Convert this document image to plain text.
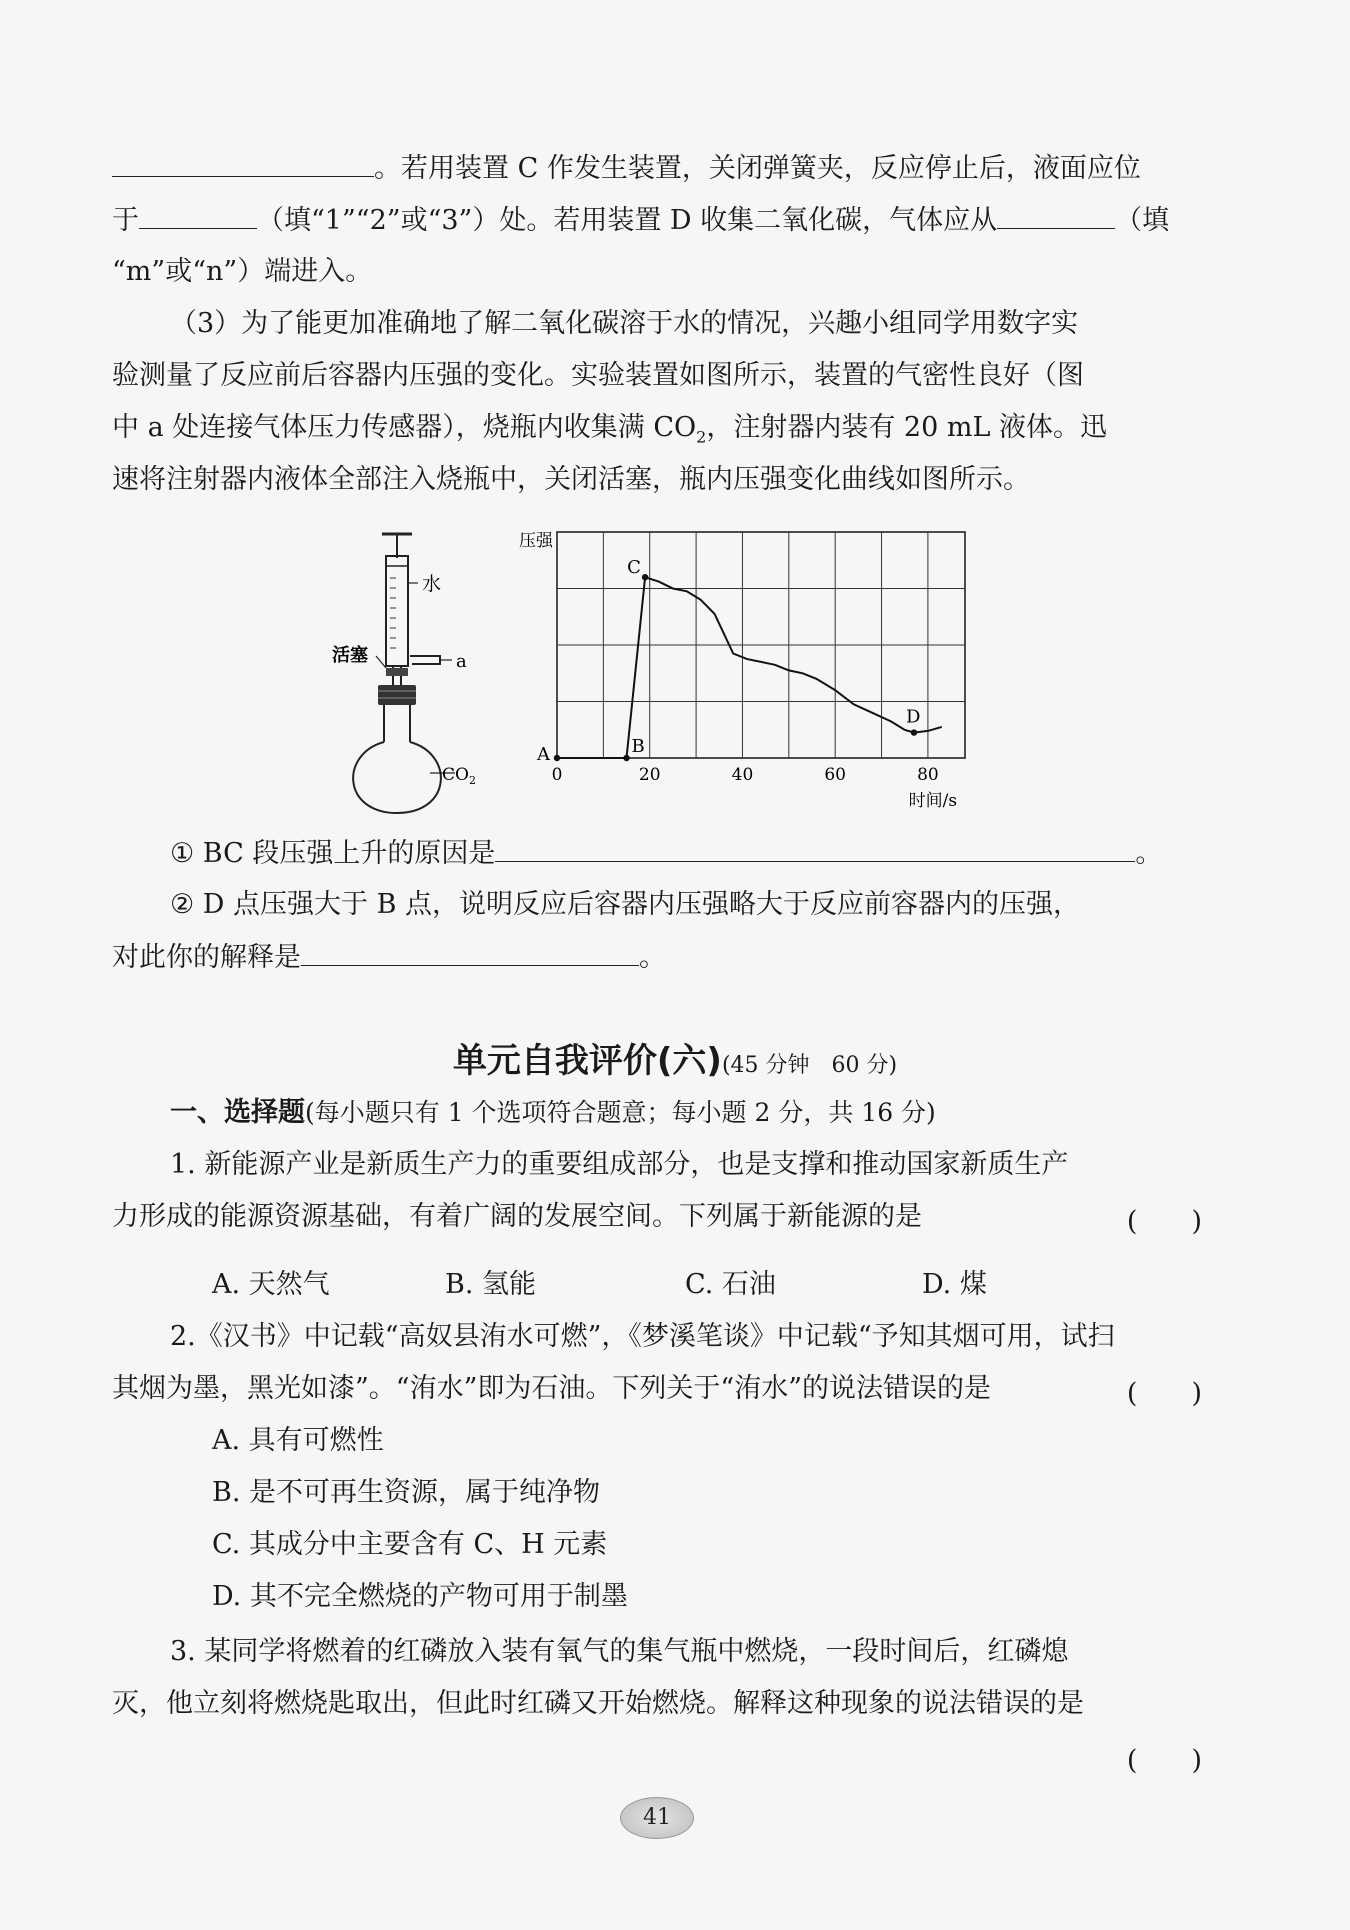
。若用装置 C 作发生装置，关闭弹簧夹，反应停止后，液面应位
于	（填“1”“2”或“3”）处。若用装置 D 收集二氧化碳，气体应从	（填
“m”或“n”）端进入。
（3）为了能更加准确地了解二氧化碳溶于水的情况，兴趣小组同学用数字实
验测量了反应前后容器内压强的变化。实验装置如图所示，装置的气密性良好（图
中 a 处连接气体压力传感器），烧瓶内收集满 $CO_2$，注射器内装有 20 mL 液体。迅
速将注射器内液体全部注入烧瓶中，关闭活塞，瓶内压强变化曲线如图所示。
水
活塞	a
$CO_2$
A	B
C
D
0	20	40	60	80
压强
时间/s
① BC 段压强上升的原因是	。
② D 点压强大于 B 点，说明反应后容器内压强略大于反应前容器内的压强，
对此你的解释是	。
单元自我评价(六)(45 分钟　60 分)
一、选择题(每小题只有 1 个选项符合题意；每小题 2 分，共 16 分)
1. 新能源产业是新质生产力的重要组成部分，也是支撑和推动国家新质生产
力形成的能源资源基础，有着广阔的发展空间。下列属于新能源的是	(　　)
A. 天然气	B. 氢能	C. 石油	D. 煤
2.《汉书》中记载“高奴县洧水可燃”，《梦溪笔谈》中记载“予知其烟可用，试扫
其烟为墨，黑光如漆”。“洧水”即为石油。下列关于“洧水”的说法错误的是	(　　)
A. 具有可燃性
B. 是不可再生资源，属于纯净物
C. 其成分中主要含有 C、H 元素
D. 其不完全燃烧的产物可用于制墨
3. 某同学将燃着的红磷放入装有氧气的集气瓶中燃烧，一段时间后，红磷熄
灭，他立刻将燃烧匙取出，但此时红磷又开始燃烧。解释这种现象的说法错误的是
(　　)
41
